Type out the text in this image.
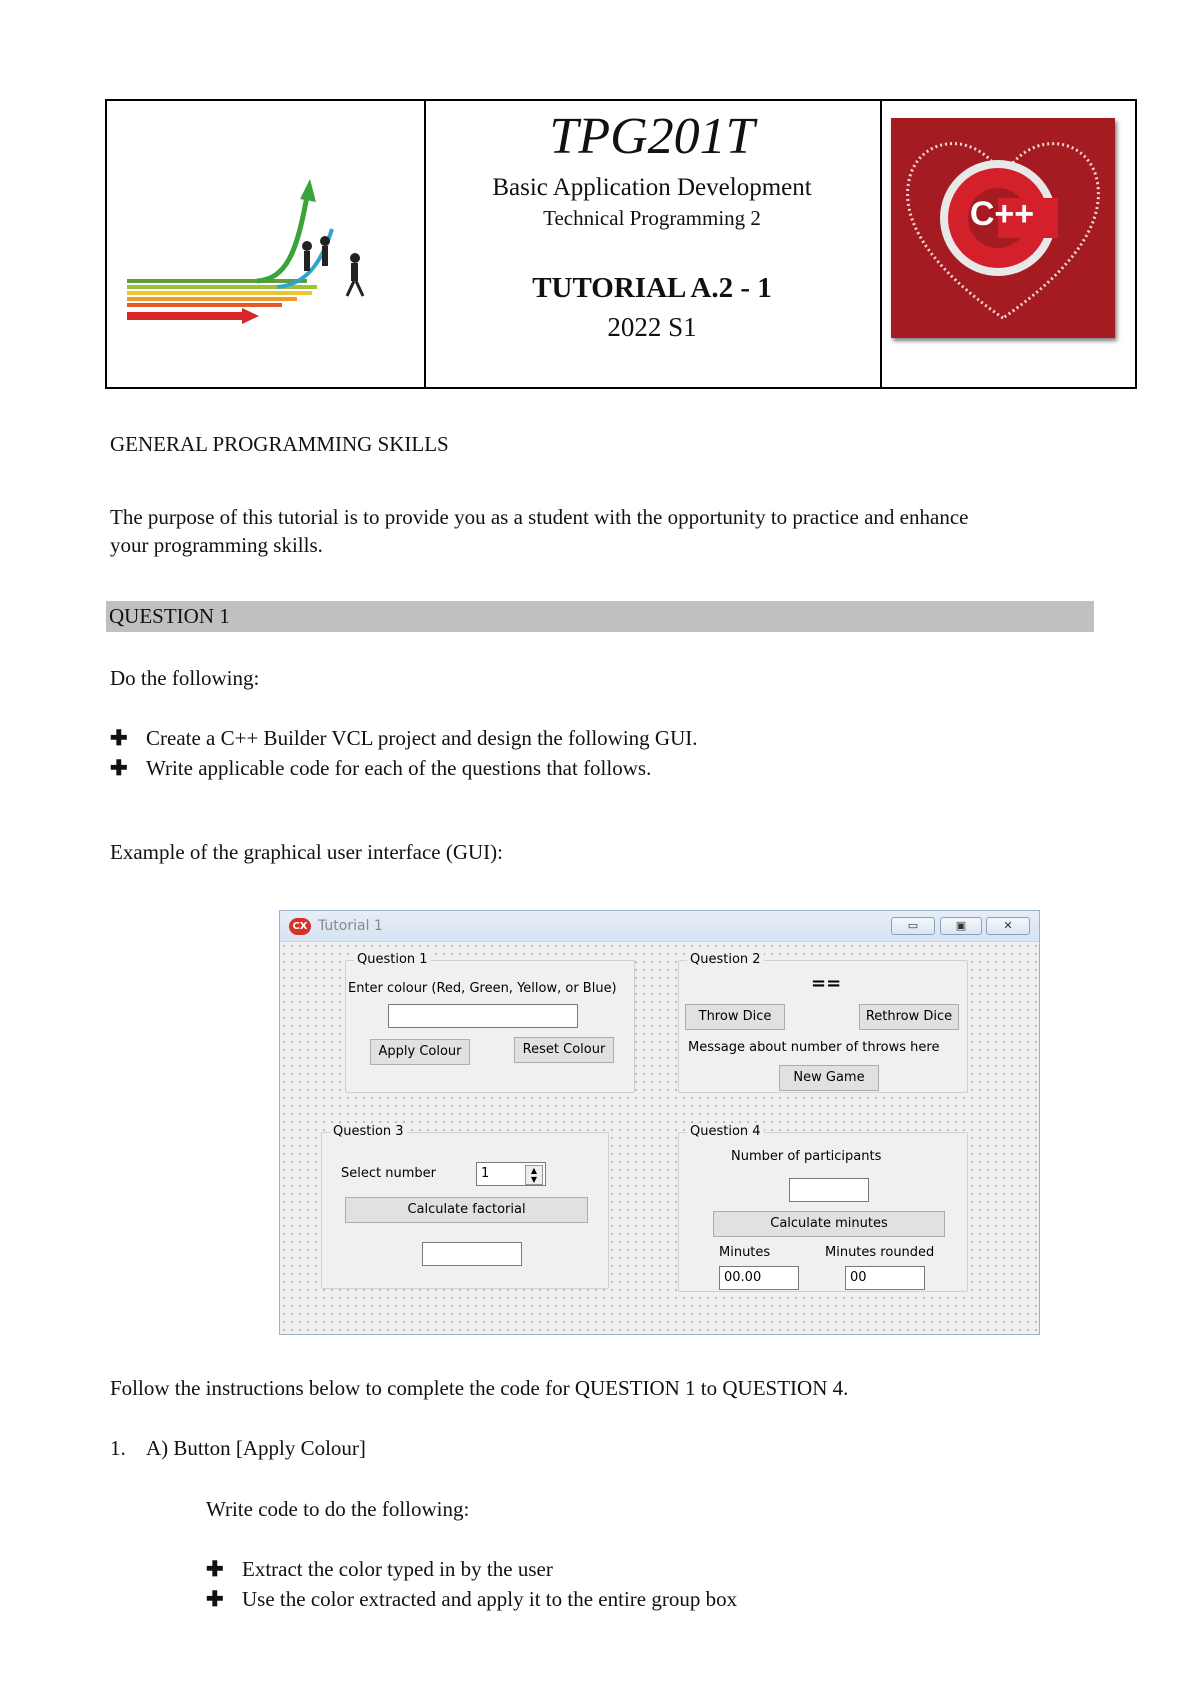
TPG201T
Basic Application Development
Technical Programming 2
TUTORIAL A.2 - 1
2022 S1
C++
GENERAL PROGRAMMING SKILLS
The purpose of this tutorial is to provide you as a student with the opportunity to practice and enhance
your programming skills.
QUESTION 1
Do the following:
✚ Create a C++ Builder VCL project and design the following GUI.
✚ Write applicable code for each of the questions that follows.
Example of the graphical user interface (GUI):
CX Tutorial 1	▭	▣	✕
Question 1
Enter colour (Red, Green, Yellow, or Blue)
Apply Colour	Reset Colour
Question 2
==
Throw Dice	Rethrow Dice
Message about number of throws here
New Game
Question 3
Select number	1	▲
▼
Calculate factorial
Question 4
Number of participants
Calculate minutes
Minutes	Minutes rounded
00.00	00
Follow the instructions below to complete the code for QUESTION 1 to QUESTION 4.
1. A) Button [Apply Colour]
Write code to do the following:
✚ Extract the color typed in by the user
✚ Use the color extracted and apply it to the entire group box
